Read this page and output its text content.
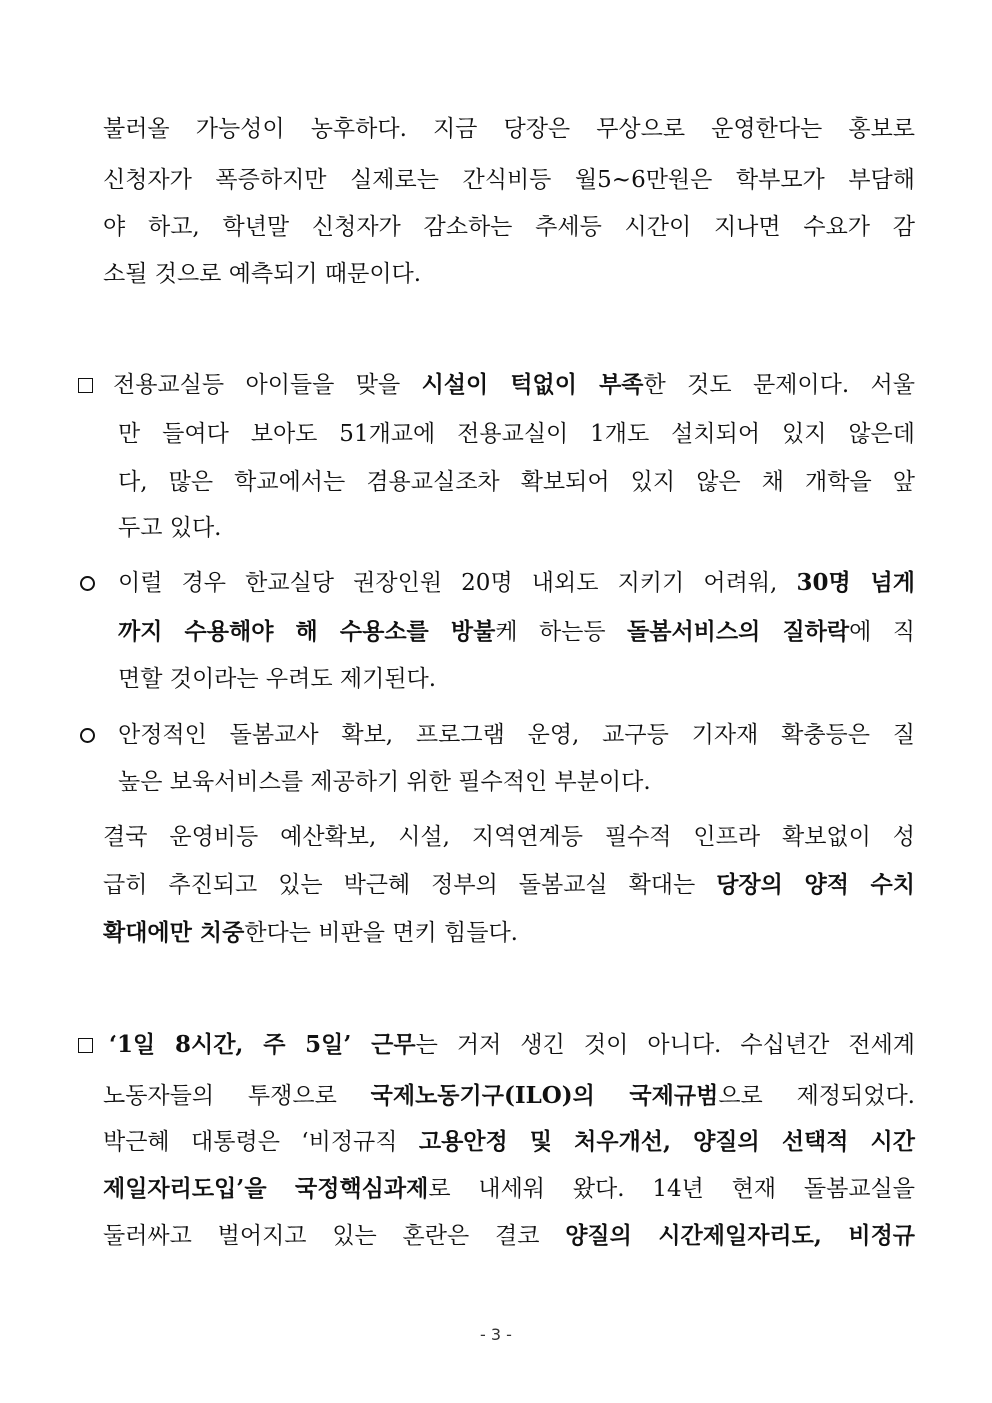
불러올 가능성이 농후하다. 지금 당장은 무상으로 운영한다는 홍보로
신청자가 폭증하지만 실제로는 간식비등 월5~6만원은 학부모가 부담해
야 하고, 학년말 신청자가 감소하는 추세등 시간이 지나면 수요가 감
소될 것으로 예측되기 때문이다.
전용교실등 아이들을 맞을 시설이 턱없이 부족한 것도 문제이다. 서울
만 들여다 보아도 51개교에 전용교실이 1개도 설치되어 있지 않은데
다, 많은 학교에서는 겸용교실조차 확보되어 있지 않은 채 개학을 앞
두고 있다.
이럴 경우 한교실당 권장인원 20명 내외도 지키기 어려워, 30명 넘게
까지 수용해야 해 수용소를 방불케 하는등 돌봄서비스의 질하락에 직
면할 것이라는 우려도 제기된다.
안정적인 돌봄교사 확보, 프로그램 운영, 교구등 기자재 확충등은 질
높은 보육서비스를 제공하기 위한 필수적인 부분이다.
결국 운영비등 예산확보, 시설, 지역연계등 필수적 인프라 확보없이 성
급히 추진되고 있는 박근혜 정부의 돌봄교실 확대는 당장의 양적 수치
확대에만 치중한다는 비판을 면키 힘들다.
‘1일 8시간, 주 5일’ 근무는 거저 생긴 것이 아니다. 수십년간 전세계
노동자들의 투쟁으로 국제노동기구(ILO)의 국제규범으로 제정되었다.
박근혜 대통령은 ‘비정규직 고용안정 및 처우개선, 양질의 선택적 시간
제일자리도입’을 국정핵심과제로 내세워 왔다. 14년 현재 돌봄교실을
둘러싸고 벌어지고 있는 혼란은 결코 양질의 시간제일자리도, 비정규
- 3 -
